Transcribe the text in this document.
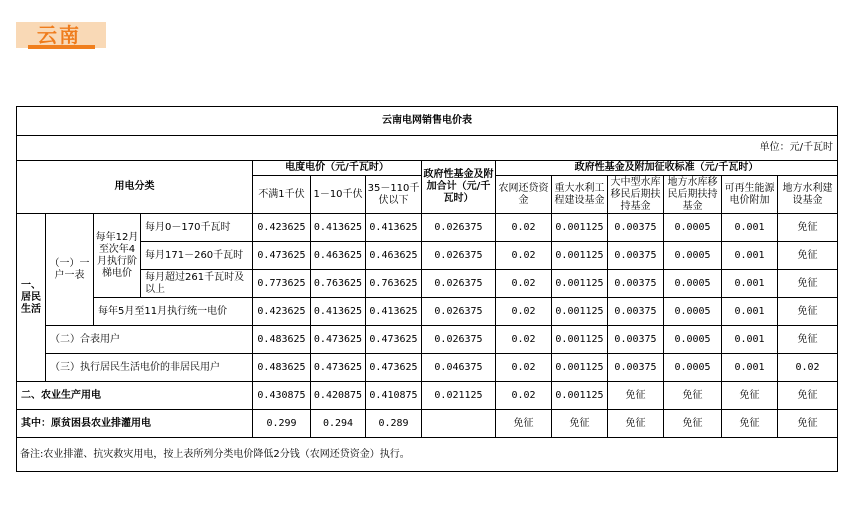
云南
云南电网销售电价表													
单位：元/千瓦时													
用电分类				电度电价（元/千瓦时）			政府性基金及附加合计（元/千瓦时）	政府性基金及附加征收标准（元/千瓦时）					
				不满1千伏	1－10千伏	35－110千伏以下		农网还贷资金	重大水利工程建设基金	大中型水库移民后期扶持基金	地方水库移民后期扶持基金	可再生能源电价附加	地方水利建设基金
一、居民生活	（一）一户一表	每年12月至次年4月执行阶梯电价	每月0－170千瓦时	0.423625	0.413625	0.413625	0.026375	0.02	0.001125	0.00375	0.0005	0.001	免征
			每月171－260千瓦时	0.473625	0.463625	0.463625	0.026375	0.02	0.001125	0.00375	0.0005	0.001	免征
			每月超过261千瓦时及以上	0.773625	0.763625	0.763625	0.026375	0.02	0.001125	0.00375	0.0005	0.001	免征
		每年5月至11月执行统一电价		0.423625	0.413625	0.413625	0.026375	0.02	0.001125	0.00375	0.0005	0.001	免征
	（二）合表用户			0.483625	0.473625	0.473625	0.026375	0.02	0.001125	0.00375	0.0005	0.001	免征
	（三）执行居民生活电价的非居民用户			0.483625	0.473625	0.473625	0.046375	0.02	0.001125	0.00375	0.0005	0.001	0.02
二、农业生产用电				0.430875	0.420875	0.410875	0.021125	0.02	0.001125	免征	免征	免征	免征
其中：原贫困县农业排灌用电				0.299	0.294	0.289		免征	免征	免征	免征	免征	免征
备注:农业排灌、抗灾救灾用电，按上表所列分类电价降低2分钱（农网还贷资金）执行。													
